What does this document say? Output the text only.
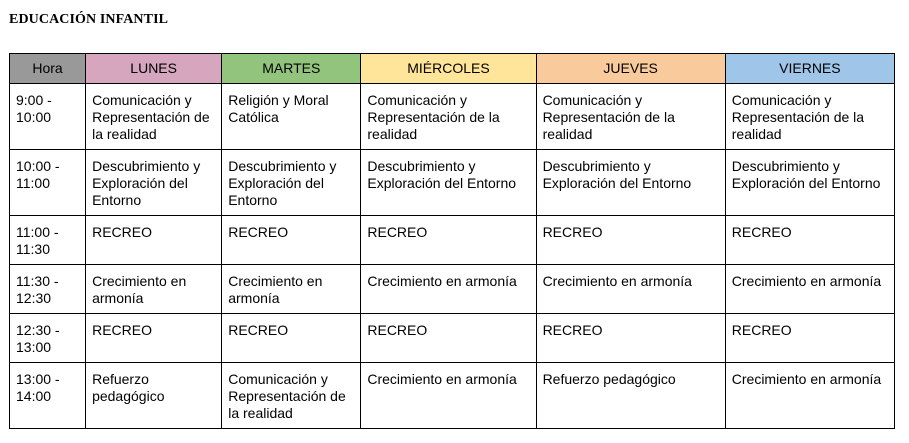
EDUCACIÓN INFANTIL
Hora	LUNES	MARTES	MIÉRCOLES	JUEVES	VIERNES
9:00 - 10:00	Comunicación y Representación de la realidad	Religión y Moral Católica	Comunicación y Representación de la realidad	Comunicación y Representación de la realidad	Comunicación y Representación de la realidad
10:00 - 11:00	Descubrimiento y Exploración del Entorno	Descubrimiento y Exploración del Entorno	Descubrimiento y Exploración del Entorno	Descubrimiento y Exploración del Entorno	Descubrimiento y Exploración del Entorno
11:00 - 11:30	RECREO	RECREO	RECREO	RECREO	RECREO
11:30 - 12:30	Crecimiento en armonía	Crecimiento en armonía	Crecimiento en armonía	Crecimiento en armonía	Crecimiento en armonía
12:30 - 13:00	RECREO	RECREO	RECREO	RECREO	RECREO
13:00 - 14:00	Refuerzo pedagógico	Comunicación y Representación de la realidad	Crecimiento en armonía	Refuerzo pedagógico	Crecimiento en armonía
